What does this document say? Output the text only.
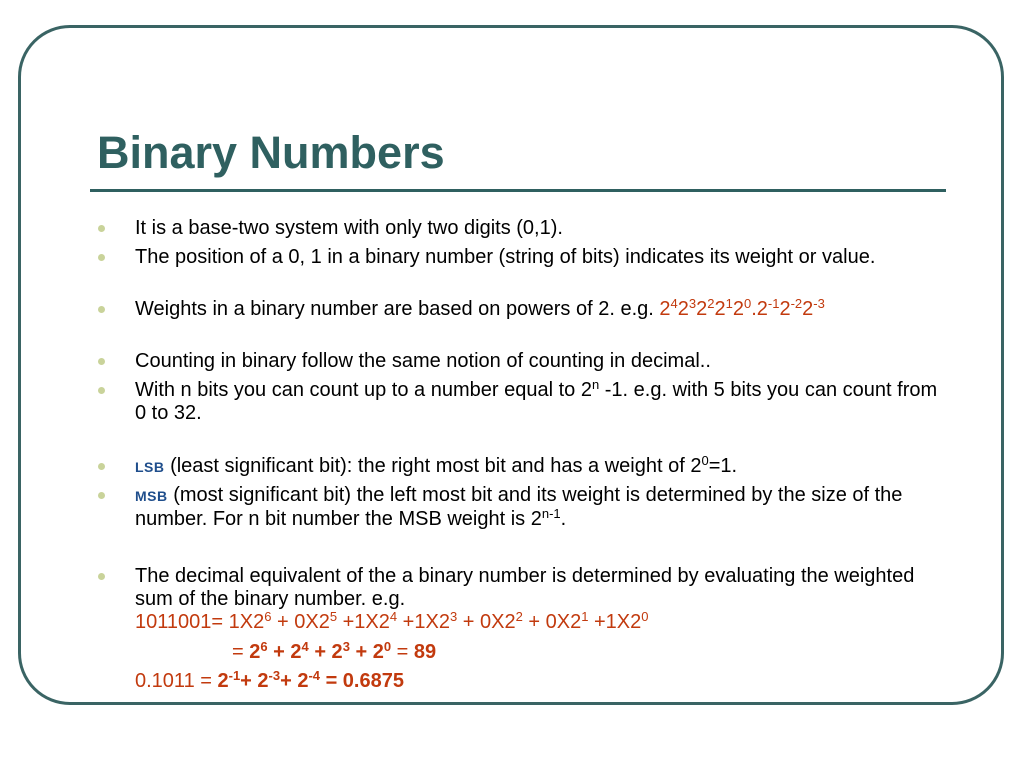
Binary Numbers
It is a base-two system with only two digits (0,1).
The position of a 0, 1 in a binary number (string of bits) indicates its weight or value.
Weights in a binary number are based on powers of 2. e.g. $2^42^32^22^12^0.2^{-1}2^{-2}2^{-3}$
Counting in binary follow the same notion of counting in decimal..
With n bits you can count up to a number equal to 2$^n$ -1. e.g. with 5 bits you can count from 0 to 32.
LSB (least significant bit): the right most bit and has a weight of $2^0=1$.
MSB (most significant bit) the left most bit and its weight is determined by the size of the number. For n bit number the MSB weight is 2$^{n-1}$.
The decimal equivalent of the a binary number is determined by evaluating the weighted sum of the binary number. e.g.
$1011001= 1X2^6 + 0X2^5 +1X2^4 +1X2^3 + 0X2^2 + 0X2^1 +1X2^0$
= $2^6 + 2^4 + 2^3 + 2^0 = 89$
$0.1011 = 2^{-1}+ 2^{-3}+ 2^{-4} = 0.6875$
